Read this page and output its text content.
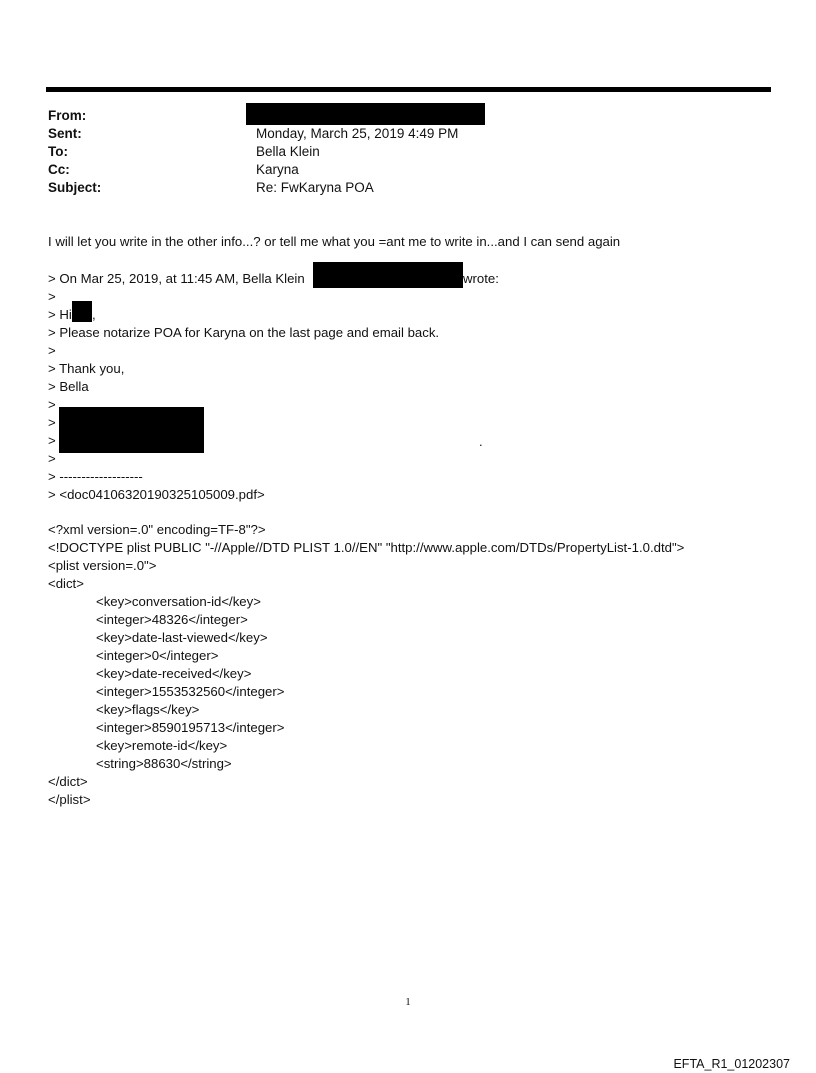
From:
Sent:	Monday, March 25, 2019 4:49 PM
To:	Bella Klein
Cc:	Karyna
Subject:	Re: FwKaryna POA
I will let you write in the other info...? or tell me what you =ant me to write in...and I can send again
> On Mar 25, 2019, at 11:45 AM, Bella Klein	wrote:
>
> Hi ,
> Please notarize POA for Karyna on the last page and email back.
>
> Thank you,
> Bella
>
>
>	.
>
> -------------------
> <doc04106320190325105009.pdf>
<?xml version=.0" encoding=TF-8"?>
<!DOCTYPE plist PUBLIC "-//Apple//DTD PLIST 1.0//EN" "http://www.apple.com/DTDs/PropertyList-1.0.dtd">
<plist version=.0">
<dict>
<key>conversation-id</key>
<integer>48326</integer>
<key>date-last-viewed</key>
<integer>0</integer>
<key>date-received</key>
<integer>1553532560</integer>
<key>flags</key>
<integer>8590195713</integer>
<key>remote-id</key>
<string>88630</string>
</dict>
</plist>
1
EFTA_R1_01202307
